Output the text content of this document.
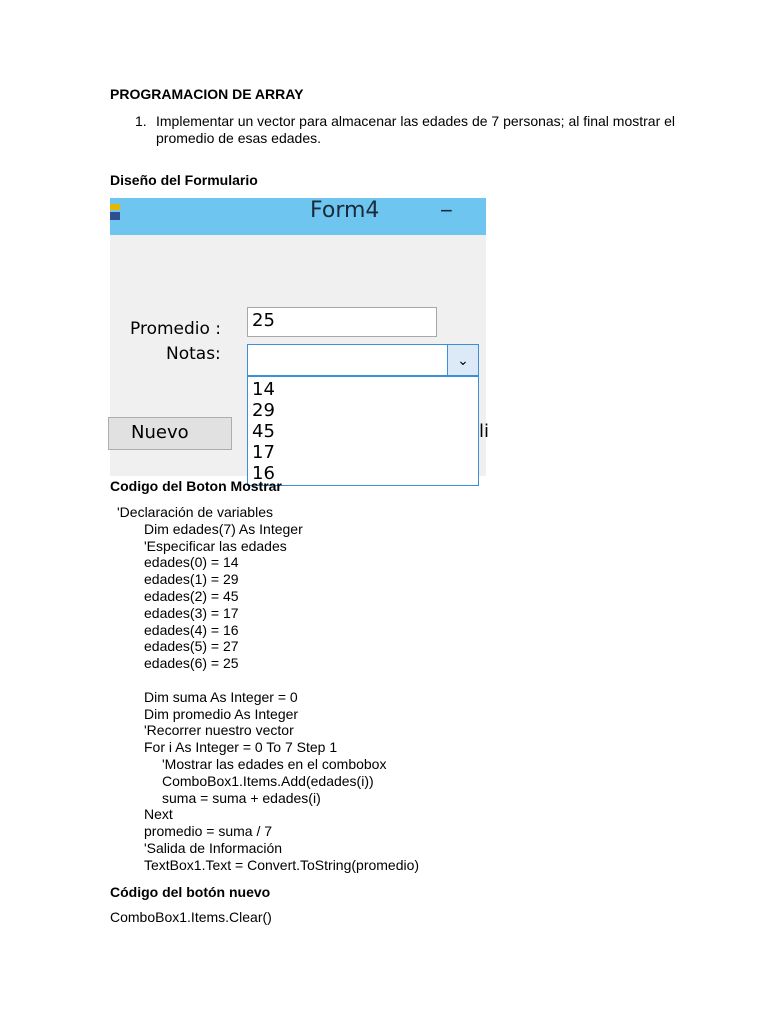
PROGRAMACION DE ARRAY
1. Implementar un vector para almacenar las edades de 7 personas; al final mostrar el promedio de esas edades.
Diseño del Formulario
Form4	−
Promedio :
Notas:
25
⌄
14
29
45
17
16
Nuevo	li
Codigo del Boton Mostrar
'Declaración de variables
Dim edades(7) As Integer
'Especificar las edades
edades(0) = 14
edades(1) = 29
edades(2) = 45
edades(3) = 17
edades(4) = 16
edades(5) = 27
edades(6) = 25
Dim suma As Integer = 0
Dim promedio As Integer
'Recorrer nuestro vector
For i As Integer = 0 To 7 Step 1
'Mostrar las edades en el combobox
ComboBox1.Items.Add(edades(i))
suma = suma + edades(i)
Next
promedio = suma / 7
'Salida de Información
TextBox1.Text = Convert.ToString(promedio)
Código del botón nuevo
ComboBox1.Items.Clear()
